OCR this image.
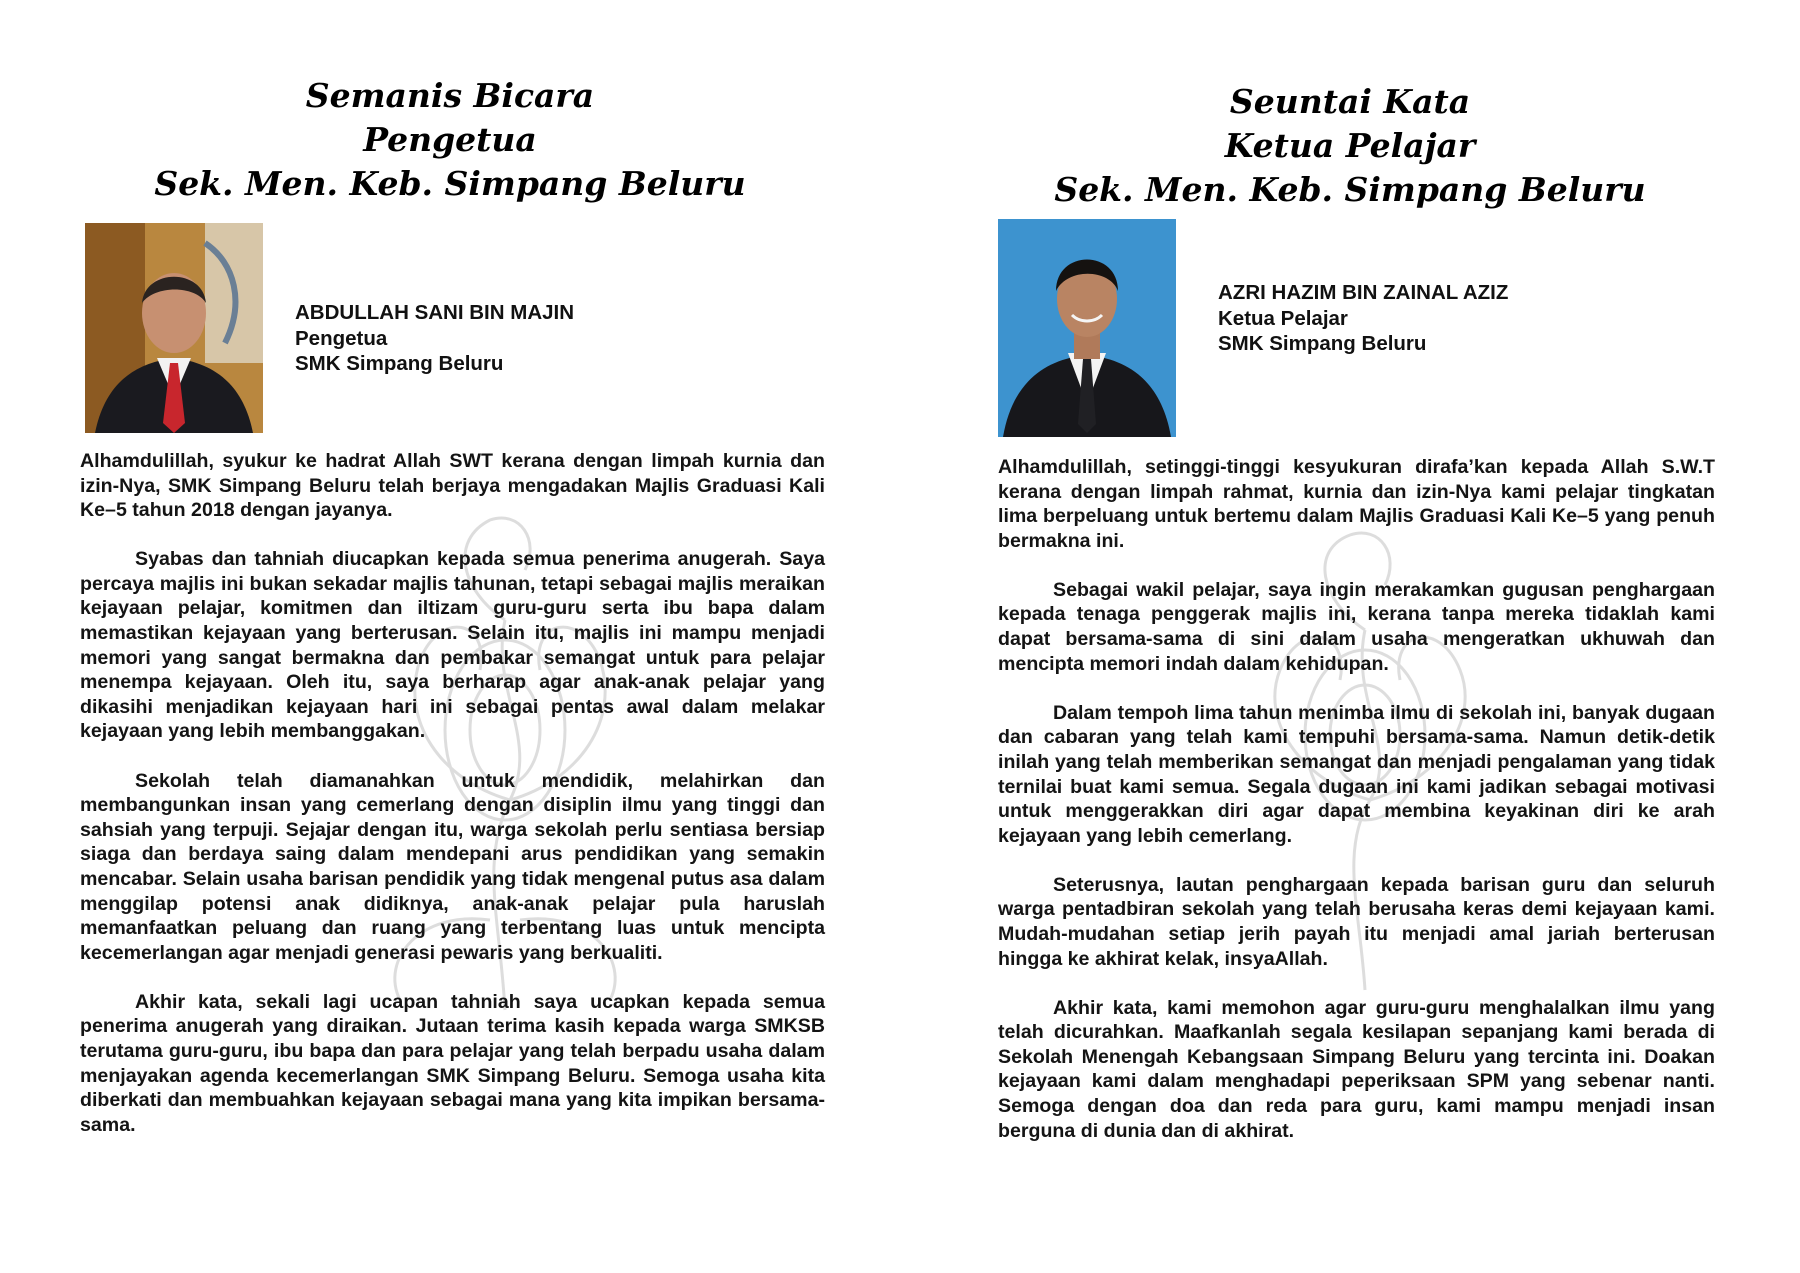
Semanis Bicara
Pengetua
Sek. Men. Keb. Simpang Beluru
ABDULLAH SANI BIN MAJIN
Pengetua
SMK Simpang Beluru

Alhamdulillah, syukur ke hadrat Allah SWT kerana dengan limpah kurnia dan izin-Nya, SMK Simpang Beluru telah berjaya mengadakan Majlis Graduasi Kali Ke–5 tahun 2018 dengan jayanya.

Syabas dan tahniah diucapkan kepada semua penerima anugerah. Saya percaya majlis ini bukan sekadar majlis tahunan, tetapi sebagai majlis meraikan kejayaan pelajar, komitmen dan iltizam guru-guru serta ibu bapa dalam memastikan kejayaan yang berterusan. Selain itu, majlis ini mampu menjadi memori yang sangat bermakna dan pembakar semangat untuk para pelajar menempa kejayaan. Oleh itu, saya berharap agar anak-anak pelajar yang dikasihi menjadikan kejayaan hari ini sebagai pentas awal dalam melakar kejayaan yang lebih membanggakan.

Sekolah telah diamanahkan untuk mendidik, melahirkan dan membangunkan insan yang cemerlang dengan disiplin ilmu yang tinggi dan sahsiah yang terpuji. Sejajar dengan itu, warga sekolah perlu sentiasa bersiap siaga dan berdaya saing dalam mendepani arus pendidikan yang semakin mencabar. Selain usaha barisan pendidik yang tidak mengenal putus asa dalam menggilap potensi anak didiknya, anak-anak pelajar pula haruslah memanfaatkan peluang dan ruang yang terbentang luas untuk mencipta kecemerlangan agar menjadi generasi pewaris yang berkualiti.

Akhir kata, sekali lagi ucapan tahniah saya ucapkan kepada semua penerima anugerah yang diraikan. Jutaan terima kasih kepada warga SMKSB terutama guru-guru, ibu bapa dan para pelajar yang telah berpadu usaha dalam menjayakan agenda kecemerlangan SMK Simpang Beluru. Semoga usaha kita diberkati dan membuahkan kejayaan sebagai mana yang kita impikan bersama-sama.

Seuntai Kata
Ketua Pelajar
Sek. Men. Keb. Simpang Beluru
AZRI HAZIM BIN ZAINAL AZIZ
Ketua Pelajar
SMK Simpang Beluru

Alhamdulillah, setinggi-tinggi kesyukuran dirafa’kan kepada Allah S.W.T kerana dengan limpah rahmat, kurnia dan izin-Nya kami pelajar tingkatan lima berpeluang untuk bertemu dalam Majlis Graduasi Kali Ke–5 yang penuh bermakna ini.

Sebagai wakil pelajar, saya ingin merakamkan gugusan penghargaan kepada tenaga penggerak majlis ini, kerana tanpa mereka tidaklah kami dapat bersama-sama di sini dalam usaha mengeratkan ukhuwah dan mencipta memori indah dalam kehidupan.

Dalam tempoh lima tahun menimba ilmu di sekolah ini, banyak dugaan dan cabaran yang telah kami tempuhi bersama-sama. Namun detik-detik inilah yang telah memberikan semangat dan menjadi pengalaman yang tidak ternilai buat kami semua. Segala dugaan ini kami jadikan sebagai motivasi untuk menggerakkan diri agar dapat membina keyakinan diri ke arah kejayaan yang lebih cemerlang.

Seterusnya, lautan penghargaan kepada barisan guru dan seluruh warga pentadbiran sekolah yang telah berusaha keras demi kejayaan kami. Mudah-mudahan setiap jerih payah itu menjadi amal jariah berterusan hingga ke akhirat kelak, insyaAllah.

Akhir kata, kami memohon agar guru-guru menghalalkan ilmu yang telah dicurahkan. Maafkanlah segala kesilapan sepanjang kami berada di Sekolah Menengah Kebangsaan Simpang Beluru yang tercinta ini. Doakan kejayaan kami dalam menghadapi peperiksaan SPM yang sebenar nanti. Semoga dengan doa dan reda para guru, kami mampu menjadi insan berguna di dunia dan di akhirat.
